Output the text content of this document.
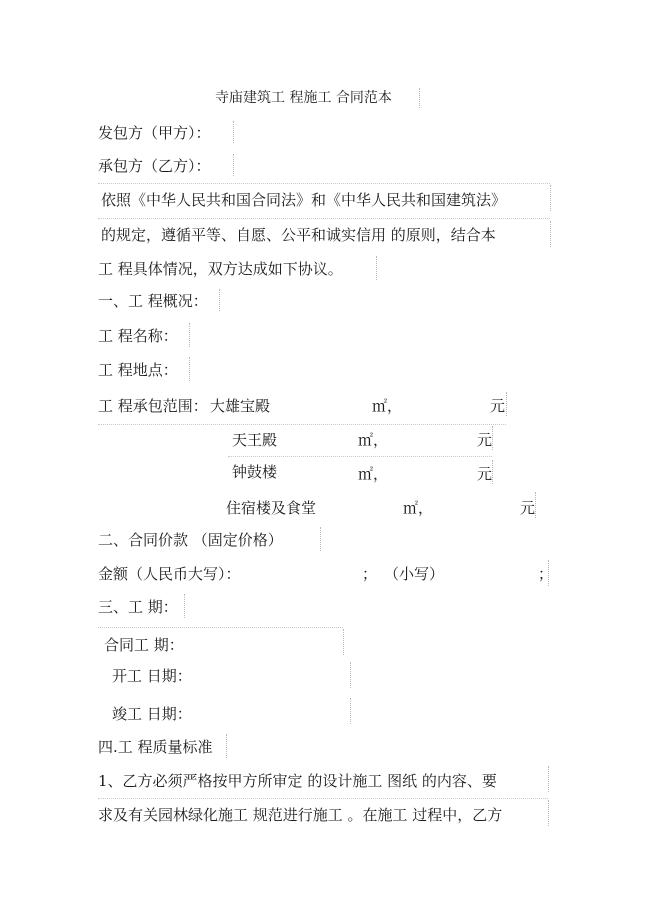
寺庙建筑工 程施工 合同范本
发包方（甲方）：
承包方（乙方）：
依照《中华人民共和国合同法》和《中华人民共和国建筑法》
的规定，遵循平等、自愿、公平和诚实信用 的原则，结合本
工 程具体情况，双方达成如下协议。
一、工 程概况：
工 程名称：
工 程地点：
工 程承包范围： 大雄宝殿	㎡，	元
天王殿	㎡，	元
钟鼓楼	㎡，	元
住宿楼及食堂	㎡，	元
二、合同价款 （固定价格）
金额（人民币大写）：	； （小写）	；
三、工 期：
合同工 期：
开工 日期：
竣工 日期：
四.工 程质量标准
1、乙方必须严格按甲方所审定 的设计施工 图纸 的内容、要
求及有关园林绿化施工 规范进行施工 。在施工 过程中，乙方
